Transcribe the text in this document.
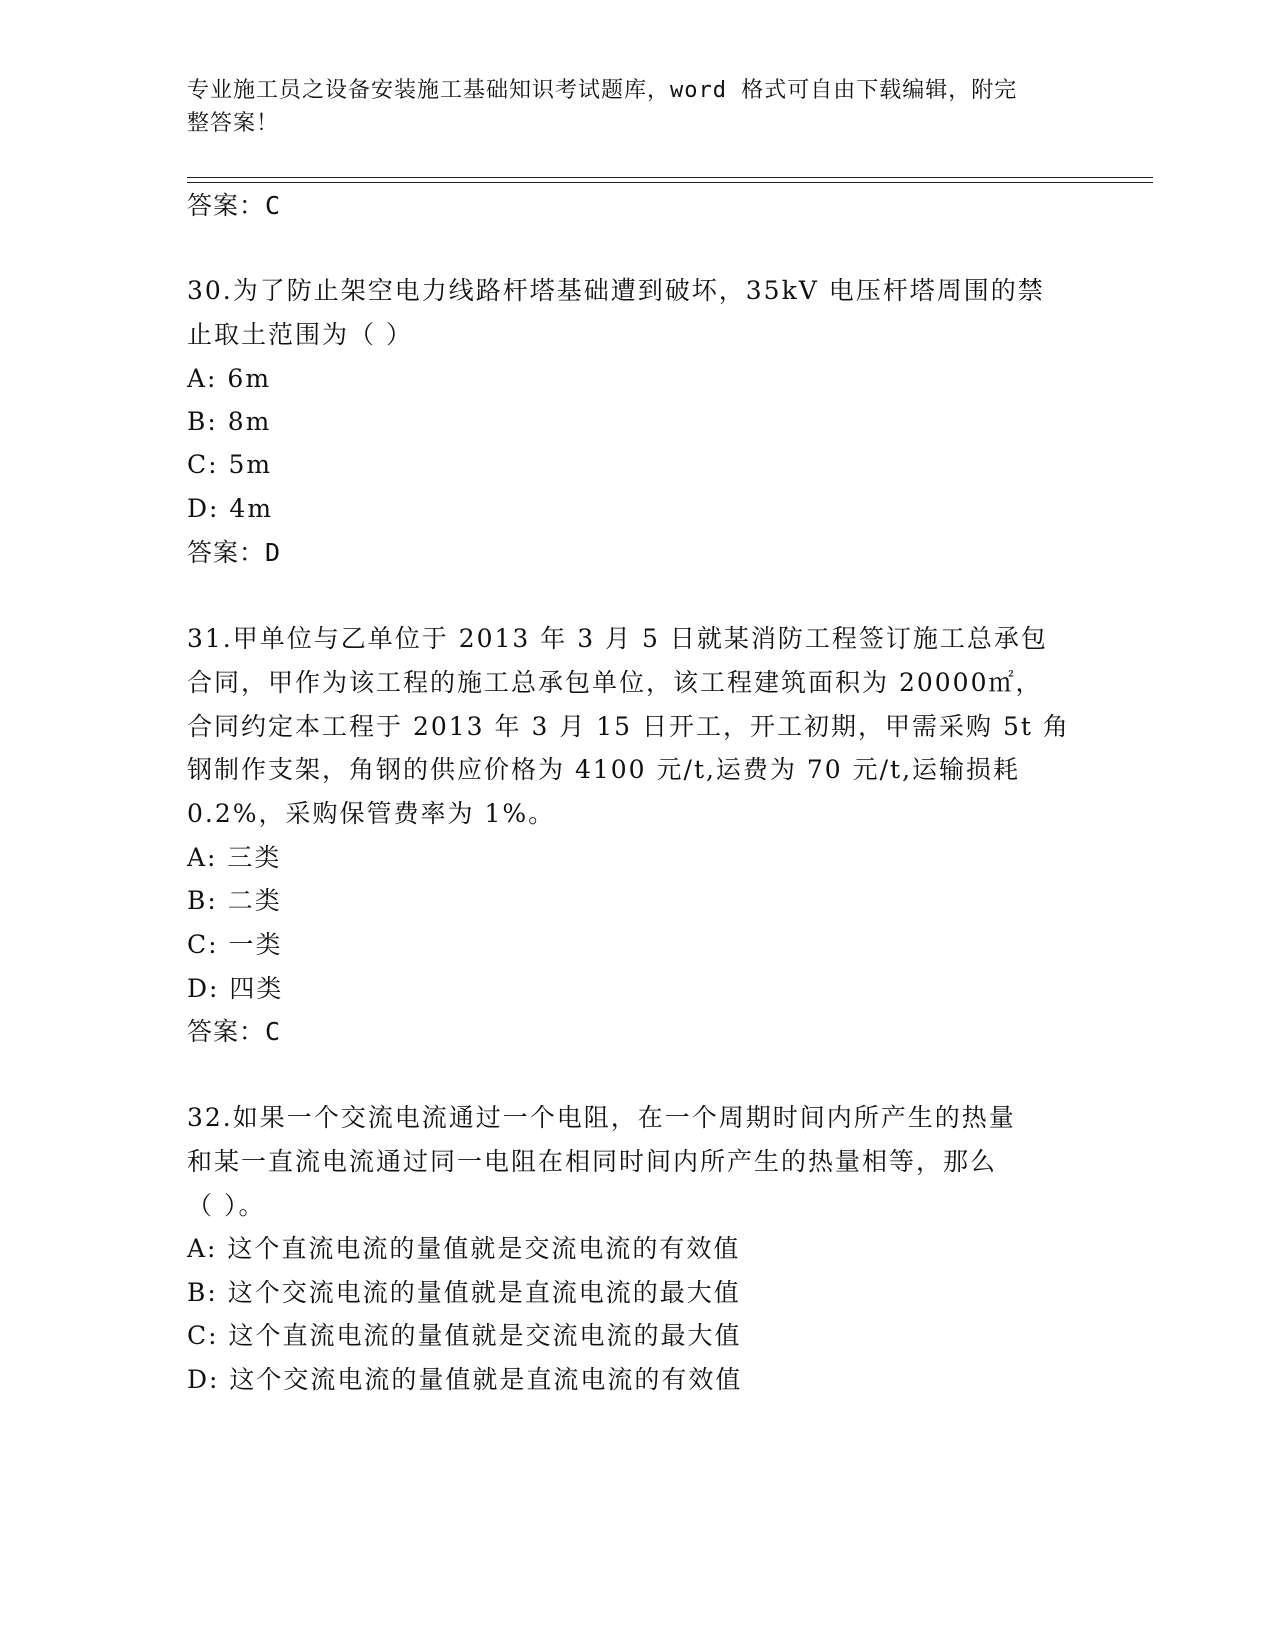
专业施工员之设备安装施工基础知识考试题库，word 格式可自由下载编辑，附完
整答案！
答案：C
30.为了防止架空电力线路杆塔基础遭到破坏，35kV 电压杆塔周围的禁
止取土范围为（ ）
A: 6m
B: 8m
C: 5m
D: 4m
答案：D
31.甲单位与乙单位于 2013 年 3 月 5 日就某消防工程签订施工总承包
合同，甲作为该工程的施工总承包单位，该工程建筑面积为 20000㎡，
合同约定本工程于 2013 年 3 月 15 日开工，开工初期，甲需采购 5t 角
钢制作支架，角钢的供应价格为 4100 元/t,运费为 70 元/t,运输损耗
0.2%，采购保管费率为 1%。
A: 三类
B: 二类
C: 一类
D: 四类
答案：C
32.如果一个交流电流通过一个电阻，在一个周期时间内所产生的热量
和某一直流电流通过同一电阻在相同时间内所产生的热量相等，那么
（ ）。
A: 这个直流电流的量值就是交流电流的有效值
B: 这个交流电流的量值就是直流电流的最大值
C: 这个直流电流的量值就是交流电流的最大值
D: 这个交流电流的量值就是直流电流的有效值
